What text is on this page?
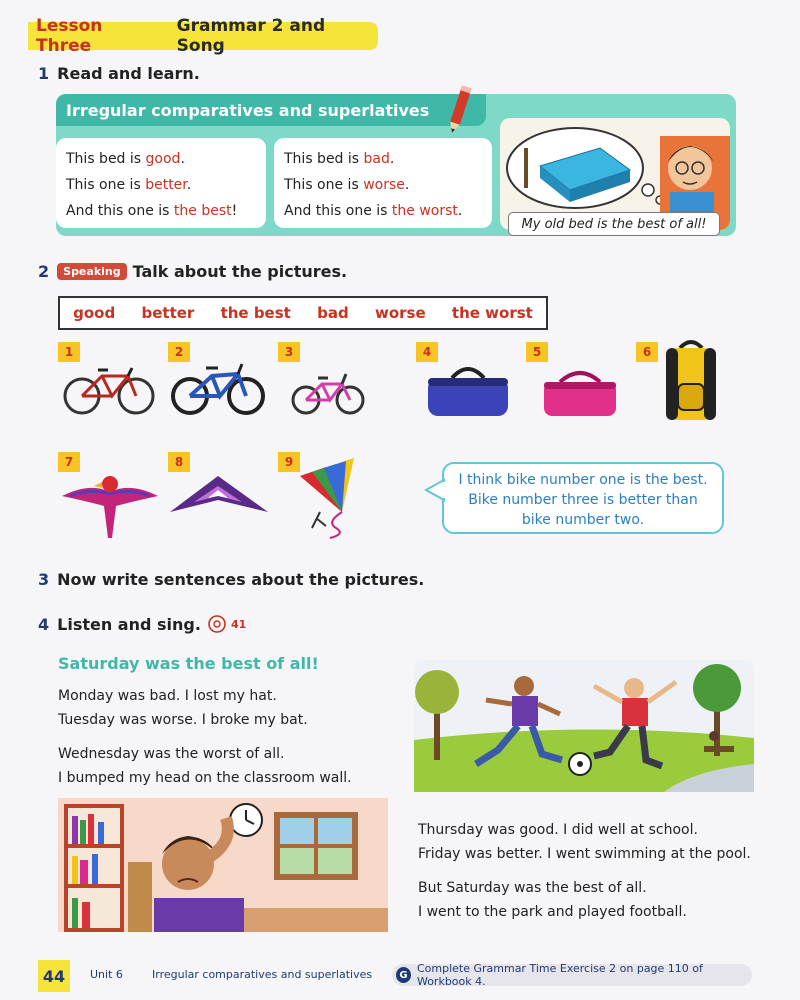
Lesson Three
Grammar 2 and Song
1 Read and learn.
Irregular comparatives and superlatives
This bed is good.
This one is better.
And this one is the best!
This bed is bad.
This one is worse.
And this one is the worst.
My old bed is the best of all!
2	Speaking Talk about the pictures.
good better the best bad worse the worst
1	2	3	4	5	6
7	8	9
I think bike number one is the best.
Bike number three is better than
bike number two.
3 Now write sentences about the pictures.
4 Listen and sing.	41
Saturday was the best of all!
Monday was bad. I lost my hat.
Tuesday was worse. I broke my bat.
Wednesday was the worst of all.
I bumped my head on the classroom wall.
Thursday was good. I did well at school.
Friday was better. I went swimming at the pool.
But Saturday was the best of all.
I went to the park and played football.
44	Unit 6	Irregular comparatives and superlatives	G Complete Grammar Time Exercise 2 on page 110 of Workbook 4.
